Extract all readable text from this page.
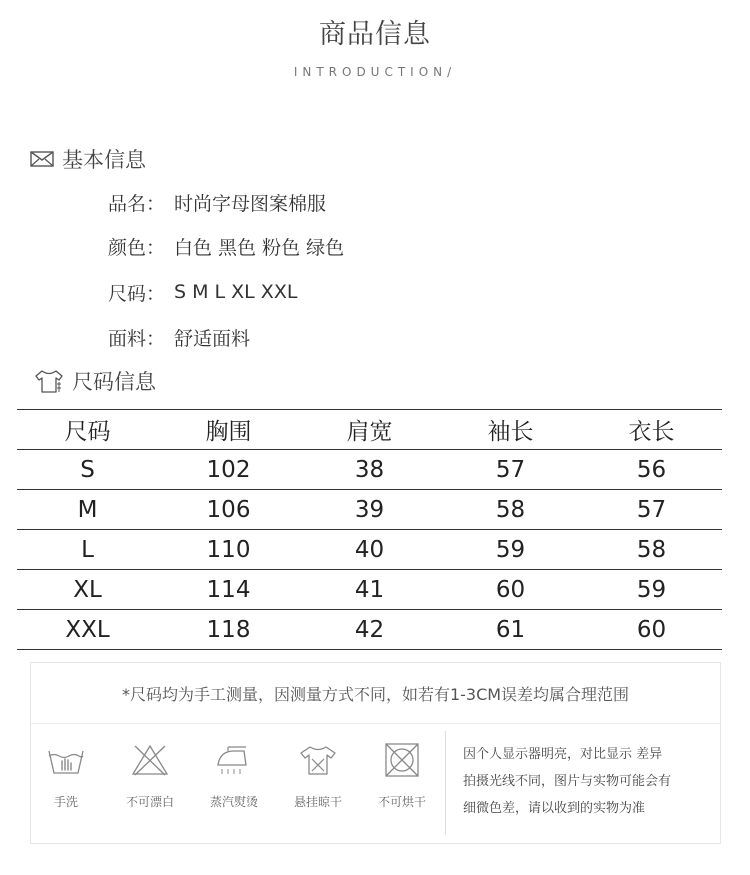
商品信息
INTRODUCTION/
基本信息
品名： 时尚字母图案棉服
颜色： 白色 黑色 粉色 绿色
尺码： S M L XL XXL
面料： 舒适面料
尺码信息
尺码	胸围	肩宽	袖长	衣长
S	102	38	57	56
M	106	39	58	57
L	110	40	59	58
XL	114	41	60	59
XXL	118	42	61	60
*尺码均为手工测量，因测量方式不同，如若有1-3CM误差均属合理范围
手洗	不可漂白	蒸汽熨烫	悬挂晾干	不可烘干
因个人显示器明亮，对比显示 差异
拍摄光线不同，图片与实物可能会有
细微色差，请以收到的实物为准
